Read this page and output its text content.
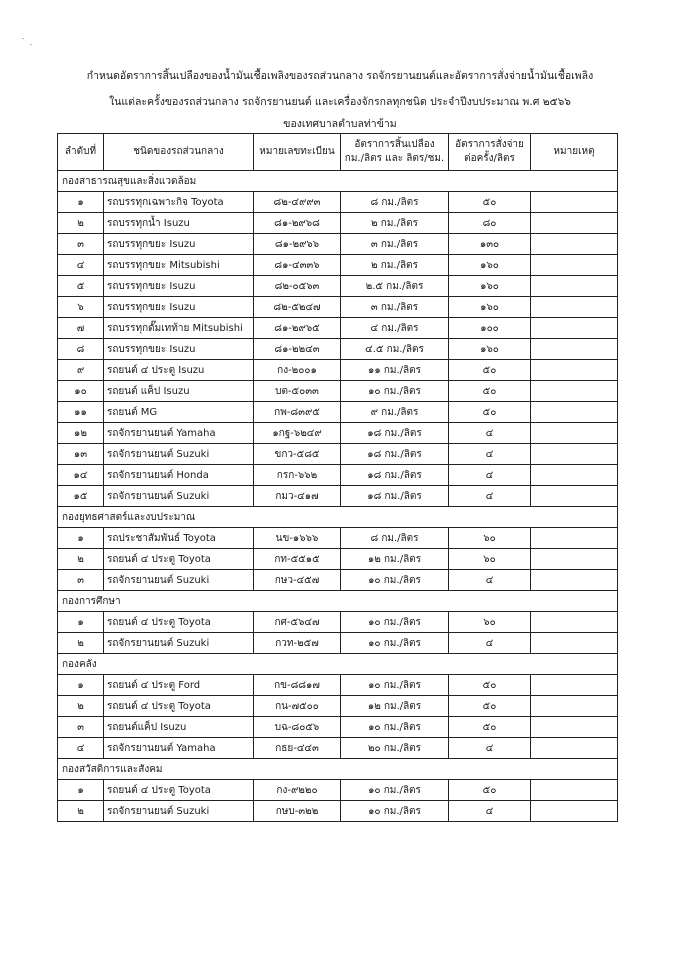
กำหนดอัตราการสิ้นเปลืองของน้ำมันเชื้อเพลิงของรถส่วนกลาง รถจักรยานยนต์และอัตราการสั่งจ่ายน้ำมันเชื้อเพลิง
ในแต่ละครั้งของรถส่วนกลาง รถจักรยานยนต์ และเครื่องจักรกลทุกชนิด ประจำปีงบประมาณ พ.ศ ๒๕๖๖
ของเทศบาลตำบลท่าข้าม
ลำดับที่	ชนิดของรถส่วนกลาง	หมายเลขทะเบียน	อัตราการสิ้นเปลือง กม./ลิตร และ ลิตร/ชม.	อัตราการสั่งจ่าย ต่อครั้ง/ลิตร	หมายเหตุ
กองสาธารณสุขและสิ่งแวดล้อม					
๑	รถบรรทุกเฉพาะกิจ Toyota	๘๒-๔๙๙๓	๘ กม./ลิตร	๕๐	
๒	รถบรรทุกน้ำ Isuzu	๘๑-๒๙๖๘	๒ กม./ลิตร	๘๐	
๓	รถบรรทุกขยะ Isuzu	๘๑-๒๙๖๖	๓ กม./ลิตร	๑๓๐	
๔	รถบรรทุกขยะ Mitsubishi	๘๑-๔๓๓๖	๒ กม./ลิตร	๑๖๐	
๕	รถบรรทุกขยะ Isuzu	๘๒-๐๕๖๓	๒.๕ กม./ลิตร	๑๖๐	
๖	รถบรรทุกขยะ Isuzu	๘๒-๕๒๔๗	๓ กม./ลิตร	๑๖๐	
๗	รถบรรทุกดั๊มเทท้าย Mitsubishi	๘๑-๒๙๖๕	๔ กม./ลิตร	๑๐๐	
๘	รถบรรทุกขยะ Isuzu	๘๑-๒๒๔๓	๔.๕ กม./ลิตร	๑๖๐	
๙	รถยนต์ ๔ ประตู Isuzu	กง-๒๐๐๑	๑๑ กม./ลิตร	๕๐	
๑๐	รถยนต์ แค็ป Isuzu	บต-๕๐๓๓	๑๐ กม./ลิตร	๕๐	
๑๑	รถยนต์ MG	กพ-๘๓๙๕	๙ กม./ลิตร	๕๐	
๑๒	รถจักรยานยนต์ Yamaha	๑กฐ-๖๒๔๙	๑๘ กม./ลิตร	๔	
๑๓	รถจักรยานยนต์ Suzuki	ขกว-๕๘๕	๑๘ กม./ลิตร	๔	
๑๔	รถจักรยานยนต์ Honda	กรก-๖๖๒	๑๘ กม./ลิตร	๔	
๑๕	รถจักรยานยนต์ Suzuki	กมว-๔๑๗	๑๘ กม./ลิตร	๔	
กองยุทธศาสตร์และงบประมาณ					
๑	รถประชาสัมพันธ์ Toyota	นข-๑๖๖๖	๘ กม./ลิตร	๖๐	
๒	รถยนต์ ๔ ประตู Toyota	กท-๕๕๑๕	๑๒ กม./ลิตร	๖๐	
๓	รถจักรยานยนต์ Suzuki	กษว-๔๕๗	๑๐ กม./ลิตร	๔	
กองการศึกษา					
๑	รถยนต์ ๔ ประตู Toyota	กศ-๕๖๔๗	๑๐ กม./ลิตร	๖๐	
๒	รถจักรยานยนต์ Suzuki	กวท-๒๕๗	๑๐ กม./ลิตร	๔	
กองคลัง					
๑	รถยนต์ ๔ ประตู Ford	กข-๘๘๑๗	๑๐ กม./ลิตร	๕๐	
๒	รถยนต์ ๔ ประตู Toyota	กน-๗๕๐๐	๑๒ กม./ลิตร	๕๐	
๓	รถยนต์แค็ป Isuzu	บฉ-๘๐๕๖	๑๐ กม./ลิตร	๕๐	
๔	รถจักรยานยนต์ Yamaha	กธย-๔๔๓	๒๐ กม./ลิตร	๔	
กองสวัสดิการและสังคม					
๑	รถยนต์ ๔ ประตู Toyota	กง-๙๒๒๐	๑๐ กม./ลิตร	๕๐	
๒	รถจักรยานยนต์ Suzuki	กษบ-๓๒๒	๑๐ กม./ลิตร	๔	
